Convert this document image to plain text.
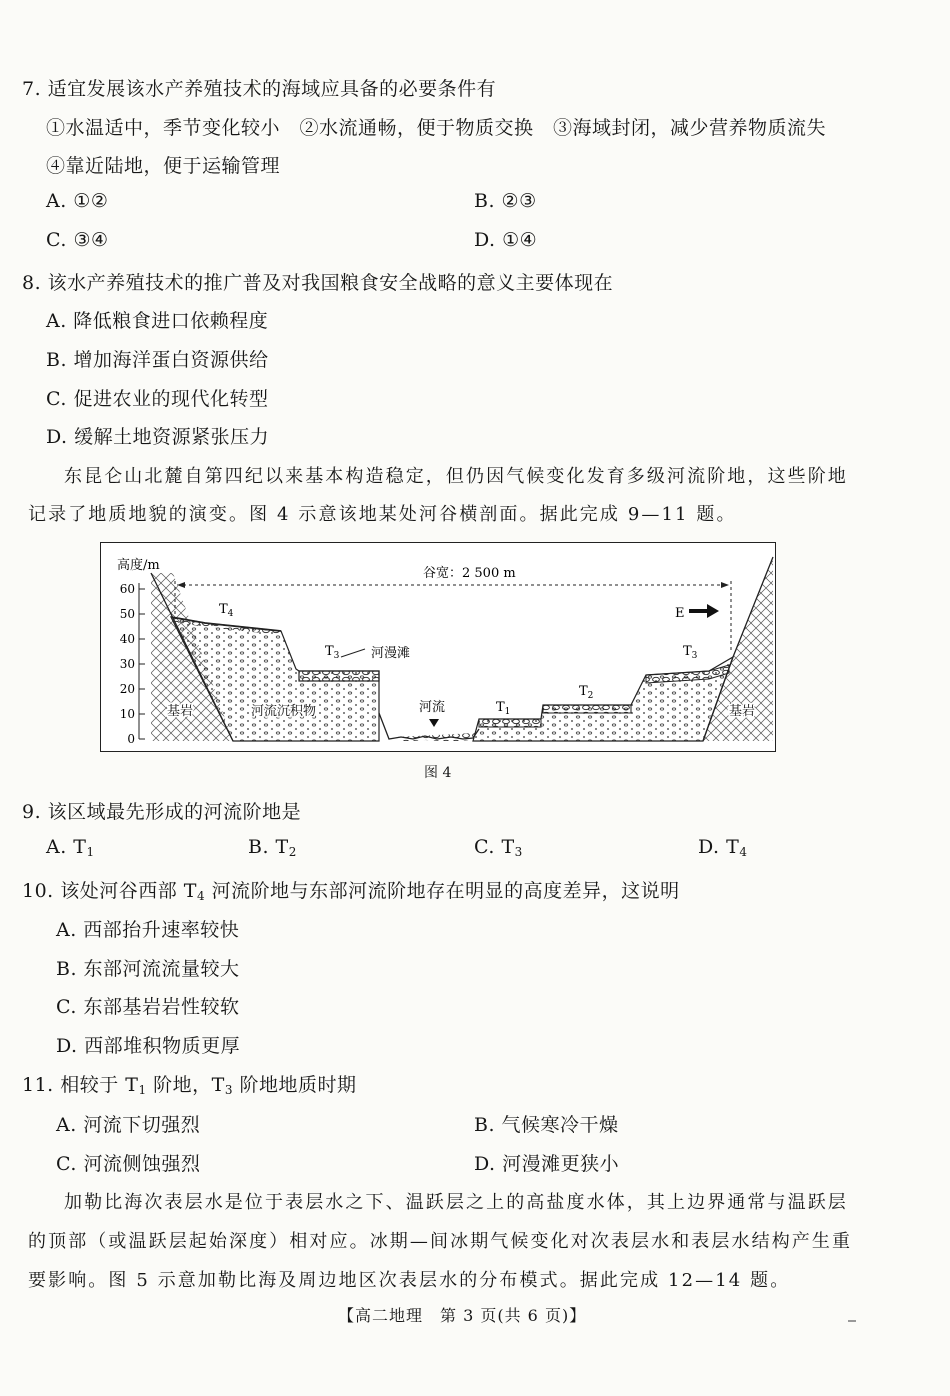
7. 适宜发展该水产养殖技术的海域应具备的必要条件有
①水温适中，季节变化较小　②水流通畅，便于物质交换　③海域封闭，减少营养物质流失
④靠近陆地，便于运输管理
A. ①②	B. ②③
C. ③④	D. ①④
8. 该水产养殖技术的推广普及对我国粮食安全战略的意义主要体现在
A. 降低粮食进口依赖程度
B. 增加海洋蛋白资源供给
C. 促进农业的现代化转型
D. 缓解土地资源紧张压力
东昆仑山北麓自第四纪以来基本构造稳定，但仍因气候变化发育多级河流阶地，这些阶地
记录了地质地貌的演变。图 4 示意该地某处河谷横剖面。据此完成 9—11 题。
高度/m
60
50
40
30
20
10
0
谷宽：2 500 m
E
$T_4$
$T_3$ 河漫滩
河流	$T_1$
$T_2$
$T_3$
基岩	基岩
河流沉积物
图 4
9. 该区域最先形成的河流阶地是
A. $T_1$	B. $T_2$	C. $T_3$	D. $T_4$
10. 该处河谷西部 $T_4$ 河流阶地与东部河流阶地存在明显的高度差异，这说明
A. 西部抬升速率较快
B. 东部河流流量较大
C. 东部基岩岩性较软
D. 西部堆积物质更厚
11. 相较于 $T_1$ 阶地，$T_3$ 阶地地质时期
A. 河流下切强烈	B. 气候寒冷干燥
C. 河流侧蚀强烈	D. 河漫滩更狭小
加勒比海次表层水是位于表层水之下、温跃层之上的高盐度水体，其上边界通常与温跃层
的顶部（或温跃层起始深度）相对应。冰期—间冰期气候变化对次表层水和表层水结构产生重
要影响。图 5 示意加勒比海及周边地区次表层水的分布模式。据此完成 12—14 题。
【高二地理　第 3 页(共 6 页)】
